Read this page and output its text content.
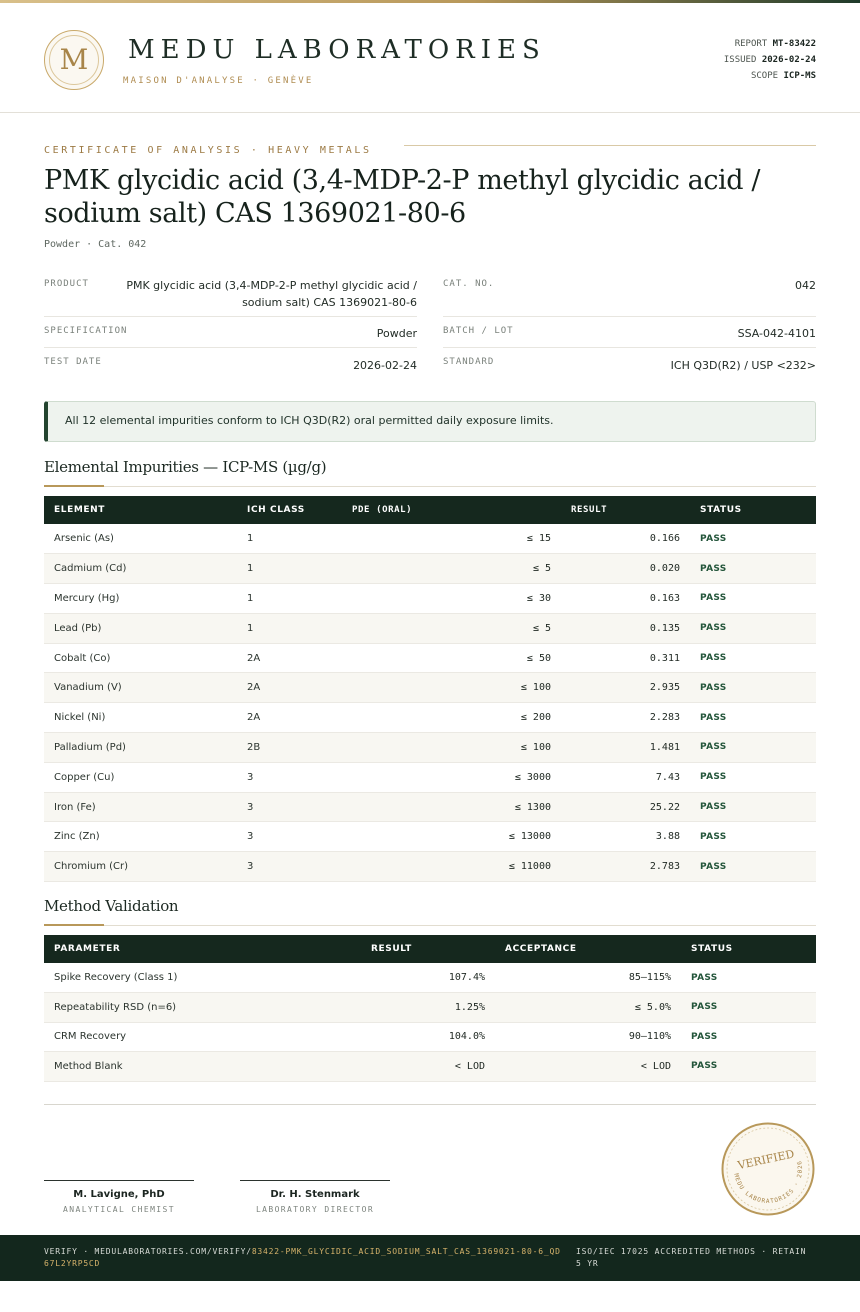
M	MEDU LABORATORIES
MAISON D'ANALYSE · GENÈVE
REPORT MT-83422
ISSUED 2026-02-24
SCOPE ICP-MS
CERTIFICATE OF ANALYSIS · HEAVY METALS
PMK glycidic acid (3,4-MDP-2-P methyl glycidic acid / sodium salt) CAS 1369021-80-6
Powder · Cat. 042
PRODUCT	PMK glycidic acid (3,4-MDP-2-P methyl glycidic acid / sodium salt) CAS 1369021-80-6
CAT. NO.	042
SPECIFICATION	Powder	BATCH / LOT	SSA-042-4101
TEST DATE	2026-02-24	STANDARD	ICH Q3D(R2) / USP <232>
All 12 elemental impurities conform to ICH Q3D(R2) oral permitted daily exposure limits.
Elemental Impurities — ICP-MS (µg/g)
ELEMENT	ICH CLASS	PDE (ORAL)	RESULT	STATUS
Arsenic (As)	1	≤ 15	0.166	PASS
Cadmium (Cd)	1	≤ 5	0.020	PASS
Mercury (Hg)	1	≤ 30	0.163	PASS
Lead (Pb)	1	≤ 5	0.135	PASS
Cobalt (Co)	2A	≤ 50	0.311	PASS
Vanadium (V)	2A	≤ 100	2.935	PASS
Nickel (Ni)	2A	≤ 200	2.283	PASS
Palladium (Pd)	2B	≤ 100	1.481	PASS
Copper (Cu)	3	≤ 3000	7.43	PASS
Iron (Fe)	3	≤ 1300	25.22	PASS
Zinc (Zn)	3	≤ 13000	3.88	PASS
Chromium (Cr)	3	≤ 11000	2.783	PASS
Method Validation
PARAMETER	RESULT	ACCEPTANCE	STATUS
Spike Recovery (Class 1)	107.4%	85–115%	PASS
Repeatability RSD (n=6)	1.25%	≤ 5.0%	PASS
CRM Recovery	104.0%	90–110%	PASS
Method Blank	< LOD	< LOD	PASS
M. Lavigne, PhD
ANALYTICAL CHEMIST
Dr. H. Stenmark
LABORATORY DIRECTOR
VERIFIED
MEDU LABORATORIES · 2026
VERIFY · MEDULABORATORIES.COM/VERIFY/83422-PMK_GLYCIDIC_ACID_SODIUM_SALT_CAS_1369021-80-6_QD67L2YRP5CD
ISO/IEC 17025 ACCREDITED METHODS · RETAIN 5 YR
